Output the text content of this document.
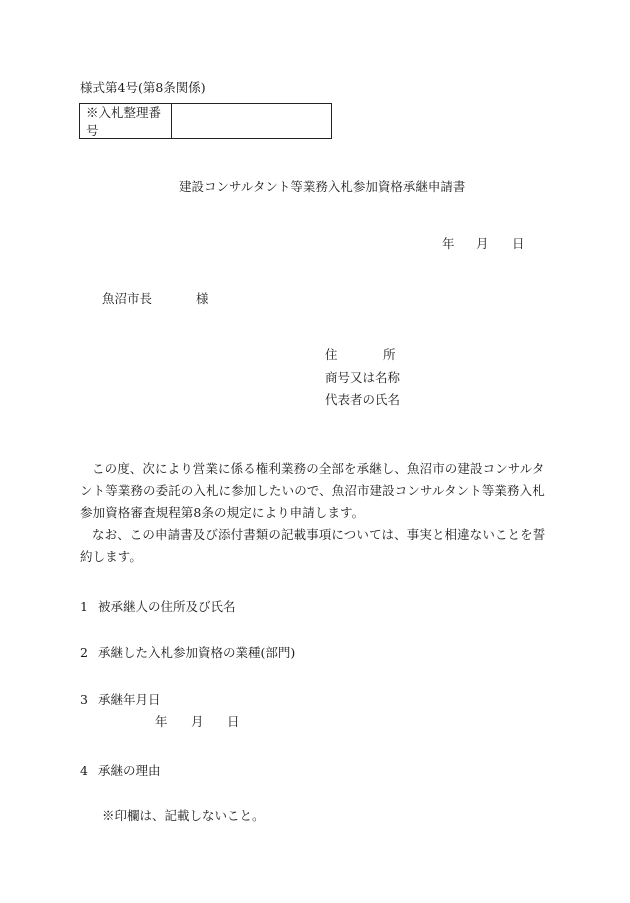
様式第4号(第8条関係)
※入札整理番号
建設コンサルタント等業務入札参加資格承継申請書
年 月 日
魚沼市長	様
住	所
商号又は名称
代表者の氏名
この度、次により営業に係る権利業務の全部を承継し、魚沼市の建設コンサルタント等業務の委託の入札に参加したいので、魚沼市建設コンサルタント等業務入札参加資格審査規程第8条の規定により申請します。
なお、この申請書及び添付書類の記載事項については、事実と相違ないことを誓約します。
1 被承継人の住所及び氏名
2 承継した入札参加資格の業種(部門)
3 承継年月日
年 月 日
4 承継の理由
※印欄は、記載しないこと。
